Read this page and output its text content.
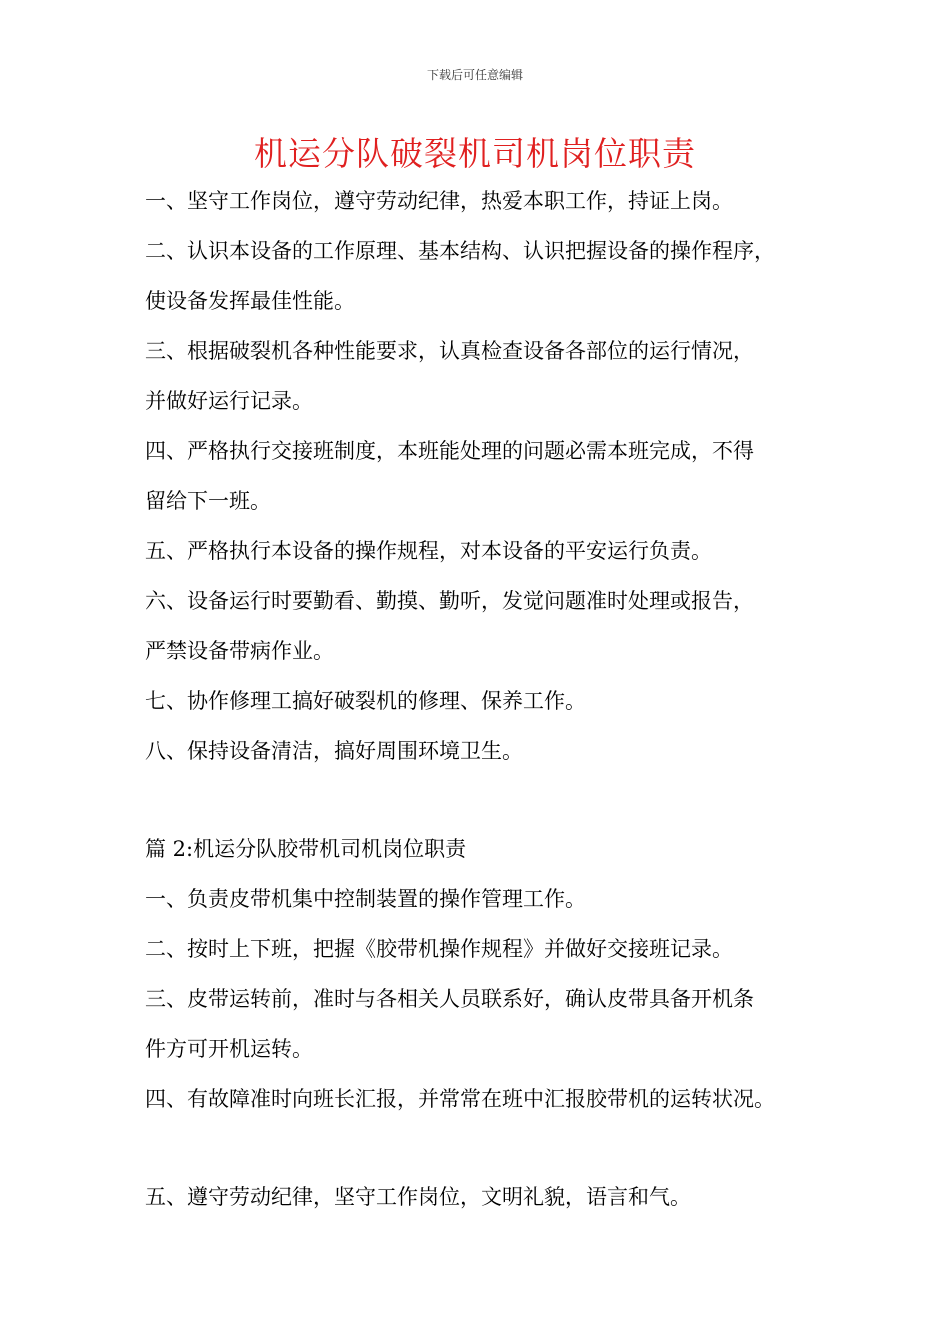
下载后可任意编辑
机运分队破裂机司机岗位职责
一、坚守工作岗位，遵守劳动纪律，热爱本职工作，持证上岗。
二、认识本设备的工作原理、基本结构、认识把握设备的操作程序，
使设备发挥最佳性能。
三、根据破裂机各种性能要求，认真检查设备各部位的运行情况，
并做好运行记录。
四、严格执行交接班制度，本班能处理的问题必需本班完成，不得
留给下一班。
五、严格执行本设备的操作规程，对本设备的平安运行负责。
六、设备运行时要勤看、勤摸、勤听，发觉问题准时处理或报告，
严禁设备带病作业。
七、协作修理工搞好破裂机的修理、保养工作。
八、保持设备清洁，搞好周围环境卫生。
篇 2:机运分队胶带机司机岗位职责
一、负责皮带机集中控制装置的操作管理工作。
二、按时上下班，把握《胶带机操作规程》并做好交接班记录。
三、皮带运转前，准时与各相关人员联系好，确认皮带具备开机条
件方可开机运转。
四、有故障准时向班长汇报，并常常在班中汇报胶带机的运转状况。
五、遵守劳动纪律，坚守工作岗位，文明礼貌，语言和气。
